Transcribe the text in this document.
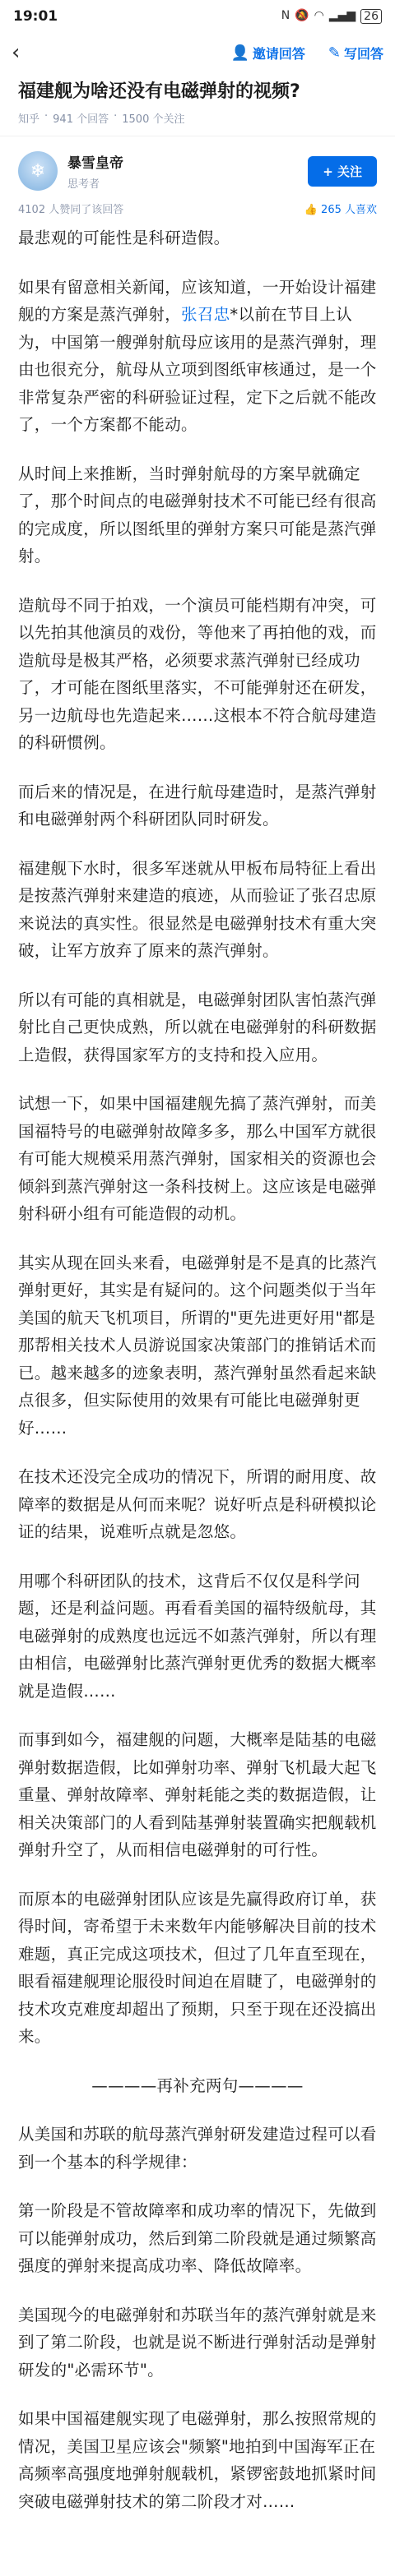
19:01	N 🔕 ◠ ▂▄▆ 26
‹	👤 邀请回答 ✎ 写回答
福建舰为啥还没有电磁弹射的视频?
知乎 · 941 个回答 · 1500 个关注
❄	暴雪皇帝
思考者
+ 关注
4102 人赞同了该回答	👍 265 人喜欢

最悲观的可能性是科研造假。

如果有留意相关新闻，应该知道，一开始设计福建舰的方案是蒸汽弹射，张召忠*以前在节目上认为，中国第一艘弹射航母应该用的是蒸汽弹射，理由也很充分，航母从立项到图纸审核通过，是一个非常复杂严密的科研验证过程，定下之后就不能改了，一个方案都不能动。

从时间上来推断，当时弹射航母的方案早就确定了，那个时间点的电磁弹射技术不可能已经有很高的完成度，所以图纸里的弹射方案只可能是蒸汽弹射。

造航母不同于拍戏，一个演员可能档期有冲突，可以先拍其他演员的戏份，等他来了再拍他的戏，而造航母是极其严格，必须要求蒸汽弹射已经成功了，才可能在图纸里落实，不可能弹射还在研发，另一边航母也先造起来……这根本不符合航母建造的科研惯例。

而后来的情况是，在进行航母建造时，是蒸汽弹射和电磁弹射两个科研团队同时研发。

福建舰下水时，很多军迷就从甲板布局特征上看出是按蒸汽弹射来建造的痕迹，从而验证了张召忠原来说法的真实性。很显然是电磁弹射技术有重大突破，让军方放弃了原来的蒸汽弹射。

所以有可能的真相就是，电磁弹射团队害怕蒸汽弹射比自己更快成熟，所以就在电磁弹射的科研数据上造假，获得国家军方的支持和投入应用。

试想一下，如果中国福建舰先搞了蒸汽弹射，而美国福特号的电磁弹射故障多多，那么中国军方就很有可能大规模采用蒸汽弹射，国家相关的资源也会倾斜到蒸汽弹射这一条科技树上。这应该是电磁弹射科研小组有可能造假的动机。

其实从现在回头来看，电磁弹射是不是真的比蒸汽弹射更好，其实是有疑问的。这个问题类似于当年美国的航天飞机项目，所谓的"更先进更好用"都是那帮相关技术人员游说国家决策部门的推销话术而已。越来越多的迹象表明，蒸汽弹射虽然看起来缺点很多，但实际使用的效果有可能比电磁弹射更好……

在技术还没完全成功的情况下，所谓的耐用度、故障率的数据是从何而来呢？说好听点是科研模拟论证的结果，说难听点就是忽悠。

用哪个科研团队的技术，这背后不仅仅是科学问题，还是利益问题。再看看美国的福特级航母，其电磁弹射的成熟度也远远不如蒸汽弹射，所以有理由相信，电磁弹射比蒸汽弹射更优秀的数据大概率就是造假……

而事到如今，福建舰的问题，大概率是陆基的电磁弹射数据造假，比如弹射功率、弹射飞机最大起飞重量、弹射故障率、弹射耗能之类的数据造假，让相关决策部门的人看到陆基弹射装置确实把舰载机弹射升空了，从而相信电磁弹射的可行性。

而原本的电磁弹射团队应该是先赢得政府订单，获得时间，寄希望于未来数年内能够解决目前的技术难题，真正完成这项技术，但过了几年直至现在，眼看福建舰理论服役时间迫在眉睫了，电磁弹射的技术攻克难度却超出了预期，只至于现在还没搞出来。

————再补充两句————

从美国和苏联的航母蒸汽弹射研发建造过程可以看到一个基本的科学规律：

第一阶段是不管故障率和成功率的情况下，先做到可以能弹射成功，然后到第二阶段就是通过频繁高强度的弹射来提高成功率、降低故障率。

美国现今的电磁弹射和苏联当年的蒸汽弹射就是来到了第二阶段，也就是说不断进行弹射活动是弹射研发的"必需环节"。

如果中国福建舰实现了电磁弹射，那么按照常规的情况，美国卫星应该会"频繁"地拍到中国海军正在高频率高强度地弹射舰载机，紧锣密鼓地抓紧时间突破电磁弹射技术的第二阶段才对……
